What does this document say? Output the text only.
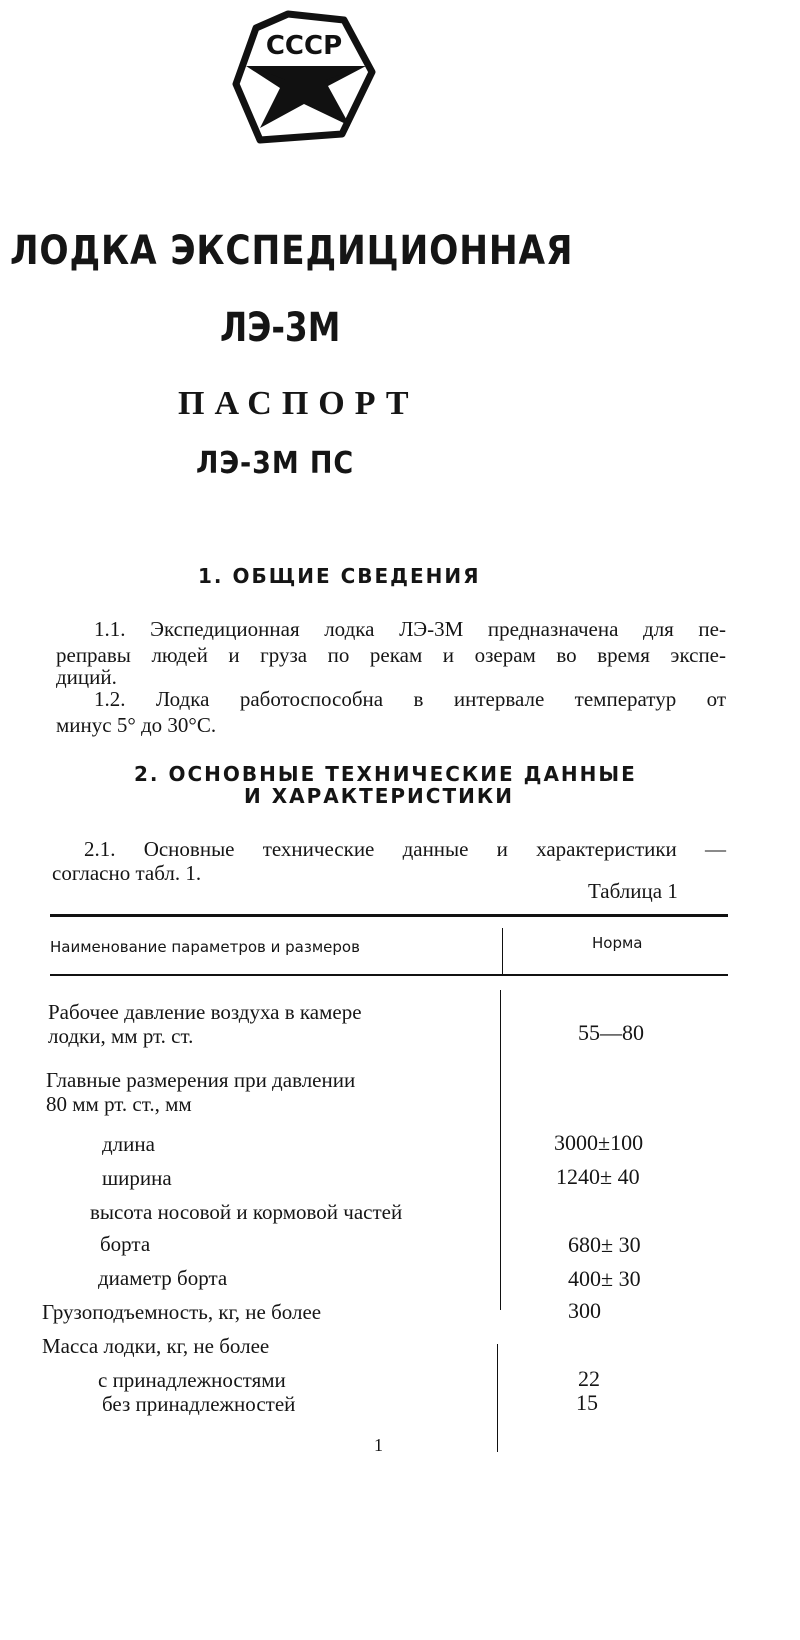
СССР
ЛОДКА ЭКСПЕДИЦИОННАЯ
ЛЭ-3М
ПАСПОРТ
ЛЭ-3М ПС
1. ОБЩИЕ СВЕДЕНИЯ
1.1. Экспедиционная лодка ЛЭ-3М предназначена для пе-
реправы людей и груза по рекам и озерам во время экспе-
диций.
1.2. Лодка работоспособна в интервале температур от
минус 5° до 30°С.
2. ОСНОВНЫЕ ТЕХНИЧЕСКИЕ ДАННЫЕ
И ХАРАКТЕРИСТИКИ
2.1. Основные технические данные и характеристики —
согласно табл. 1.
Таблица 1
Наименование параметров и размеров	Норма
Рабочее давление воздуха в камере
лодки, мм рт. ст.	55—80
Главные размерения при давлении
80 мм рт. ст., мм
длина	3000±100
ширина	1240± 40
высота носовой и кормовой частей
борта	680± 30
диаметр борта	400± 30
Грузоподъемность, кг, не более	300
Масса лодки, кг, не более
с принадлежностями	22
без принадлежностей	15
1
